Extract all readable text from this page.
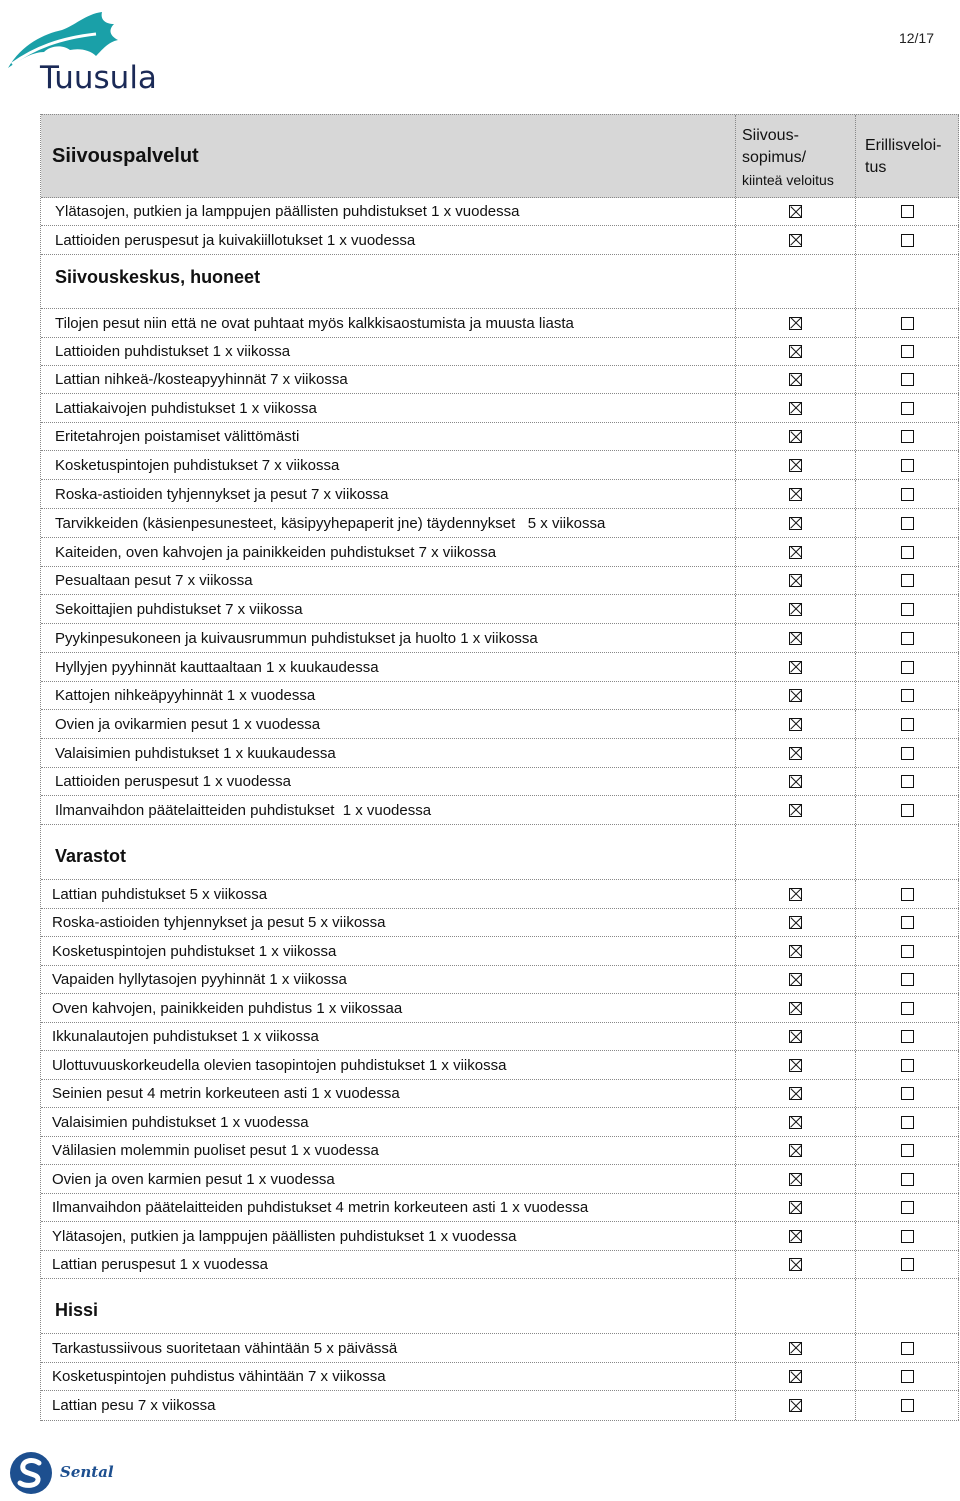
Tuusula
12/17
Siivouspalvelut
Siivous-
sopimus/
kiinteä veloitus
Erillisveloi-
tus
Ylätasojen, putkien ja lamppujen päällisten puhdistukset 1 x vuodessa
Lattioiden peruspesut ja kuivakiillotukset 1 x vuodessa
Siivouskeskus, huoneet
Tilojen pesut niin että ne ovat puhtaat myös kalkkisaostumista ja muusta liasta
Lattioiden puhdistukset 1 x viikossa
Lattian nihkeä-/kosteapyyhinnät 7 x viikossa
Lattiakaivojen puhdistukset 1 x viikossa
Eritetahrojen poistamiset välittömästi
Kosketuspintojen puhdistukset 7 x viikossa
Roska-astioiden tyhjennykset ja pesut 7 x viikossa
Tarvikkeiden (käsienpesunesteet, käsipyyhepaperit jne) täydennykset   5 x viikossa
Kaiteiden, oven kahvojen ja painikkeiden puhdistukset 7 x viikossa
Pesualtaan pesut 7 x viikossa
Sekoittajien puhdistukset 7 x viikossa
Pyykinpesukoneen ja kuivausrummun puhdistukset ja huolto 1 x viikossa
Hyllyjen pyyhinnät kauttaaltaan 1 x kuukaudessa
Kattojen nihkeäpyyhinnät 1 x vuodessa
Ovien ja ovikarmien pesut 1 x vuodessa
Valaisimien puhdistukset 1 x kuukaudessa
Lattioiden peruspesut 1 x vuodessa
Ilmanvaihdon päätelaitteiden puhdistukset  1 x vuodessa
Varastot
Lattian puhdistukset 5 x viikossa
Roska-astioiden tyhjennykset ja pesut 5 x viikossa
Kosketuspintojen puhdistukset 1 x viikossa
Vapaiden hyllytasojen pyyhinnät 1 x viikossa
Oven kahvojen, painikkeiden puhdistus 1 x viikossaa
Ikkunalautojen puhdistukset 1 x viikossa
Ulottuvuuskorkeudella olevien tasopintojen puhdistukset 1 x viikossa
Seinien pesut 4 metrin korkeuteen asti 1 x vuodessa
Valaisimien puhdistukset 1 x vuodessa
Välilasien molemmin puoliset pesut 1 x vuodessa
Ovien ja oven karmien pesut 1 x vuodessa
Ilmanvaihdon päätelaitteiden puhdistukset 4 metrin korkeuteen asti 1 x vuodessa
Ylätasojen, putkien ja lamppujen päällisten puhdistukset 1 x vuodessa
Lattian peruspesut 1 x vuodessa
Hissi
Tarkastussiivous suoritetaan vähintään 5 x päivässä
Kosketuspintojen puhdistus vähintään 7 x viikossa
Lattian pesu 7 x viikossa
Sental
